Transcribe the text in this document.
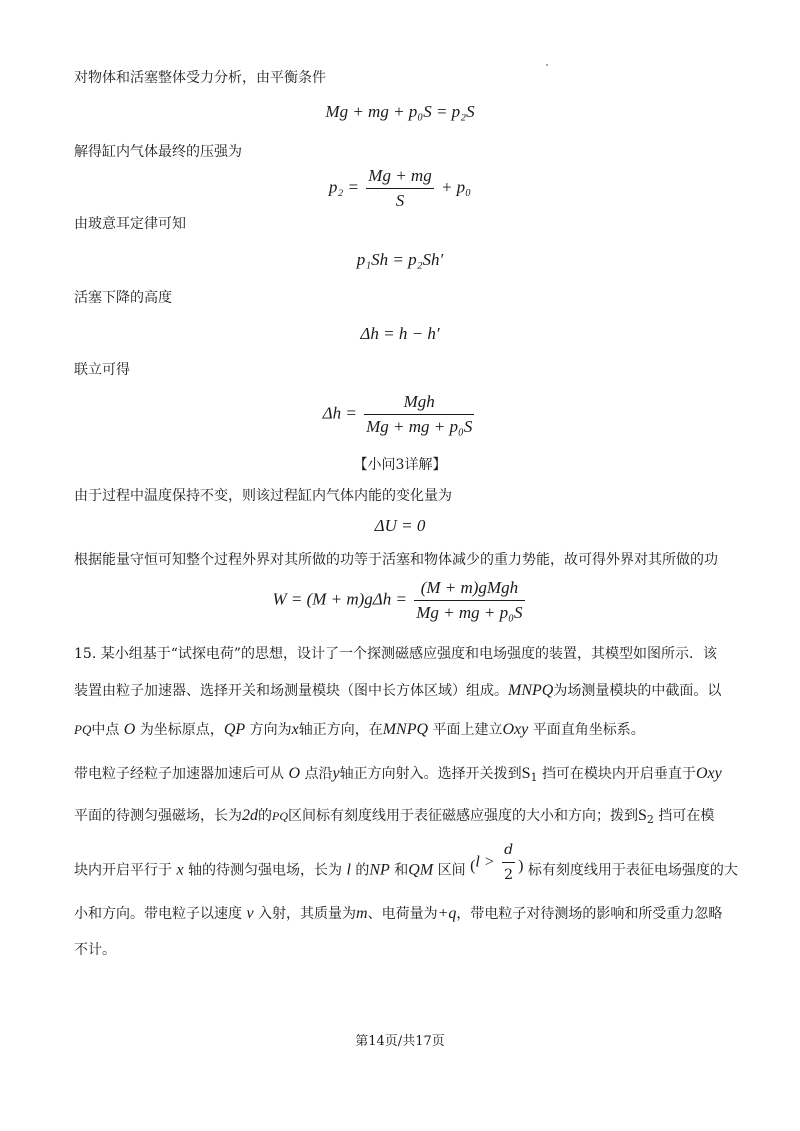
对物体和活塞整体受力分析，由平衡条件
Mg + mg + p₀S = p₂S
解得缸内气体最终的压强为
$p_2 = \frac{Mg + mg}{S} + p_0$
由玻意耳定律可知
p₁Sh = p₂Sh′
活塞下降的高度
Δh = h − h′
联立可得
$\Delta h = \frac{\text{Mgh}}{\text{Mg + mg + p₀S}}$
【小问3详解】
由于过程中温度保持不变，则该过程缸内气体内能的变化量为
ΔU = 0
根据能量守恒可知整个过程外界对其所做的功等于活塞和物体减少的重力势能，故可得外界对其所做的功
$W = (M + m)g\Delta h = \frac{\text{(M + m)gMgh}}{\text{Mg + mg + p₀S}}$
15. 某小组基于“试探电荷”的思想，设计了一个探测磁感应强度和电场强度的装置，其模型如图所示．该
装置由粒子加速器、选择开关和场测量模块（图中长方体区域）组成。MNPQ为场测量模块的中截面。以
PQ中点 O 为坐标原点，QP 方向为x轴正方向，在MNPQ 平面上建立Oxy 平面直角坐标系。
带电粒子经粒子加速器加速后可从 O 点沿y轴正方向射入。选择开关拨到$S_1$ 挡可在模块内开启垂直于Oxy
平面的待测匀强磁场，长为2d的PQ区间标有刻度线用于表征磁感应强度的大小和方向；拨到$S_2$ 挡可在模
块内开启平行于 x 轴的待测匀强电场，长为 l 的NP 和QM 区间 ($l > \frac{d}{2}$ ) 标有刻度线用于表征电场强度的大
小和方向。带电粒子以速度 v 入射，其质量为m、电荷量为+q，带电粒子对待测场的影响和所受重力忽略
不计。
第14页/共17页
